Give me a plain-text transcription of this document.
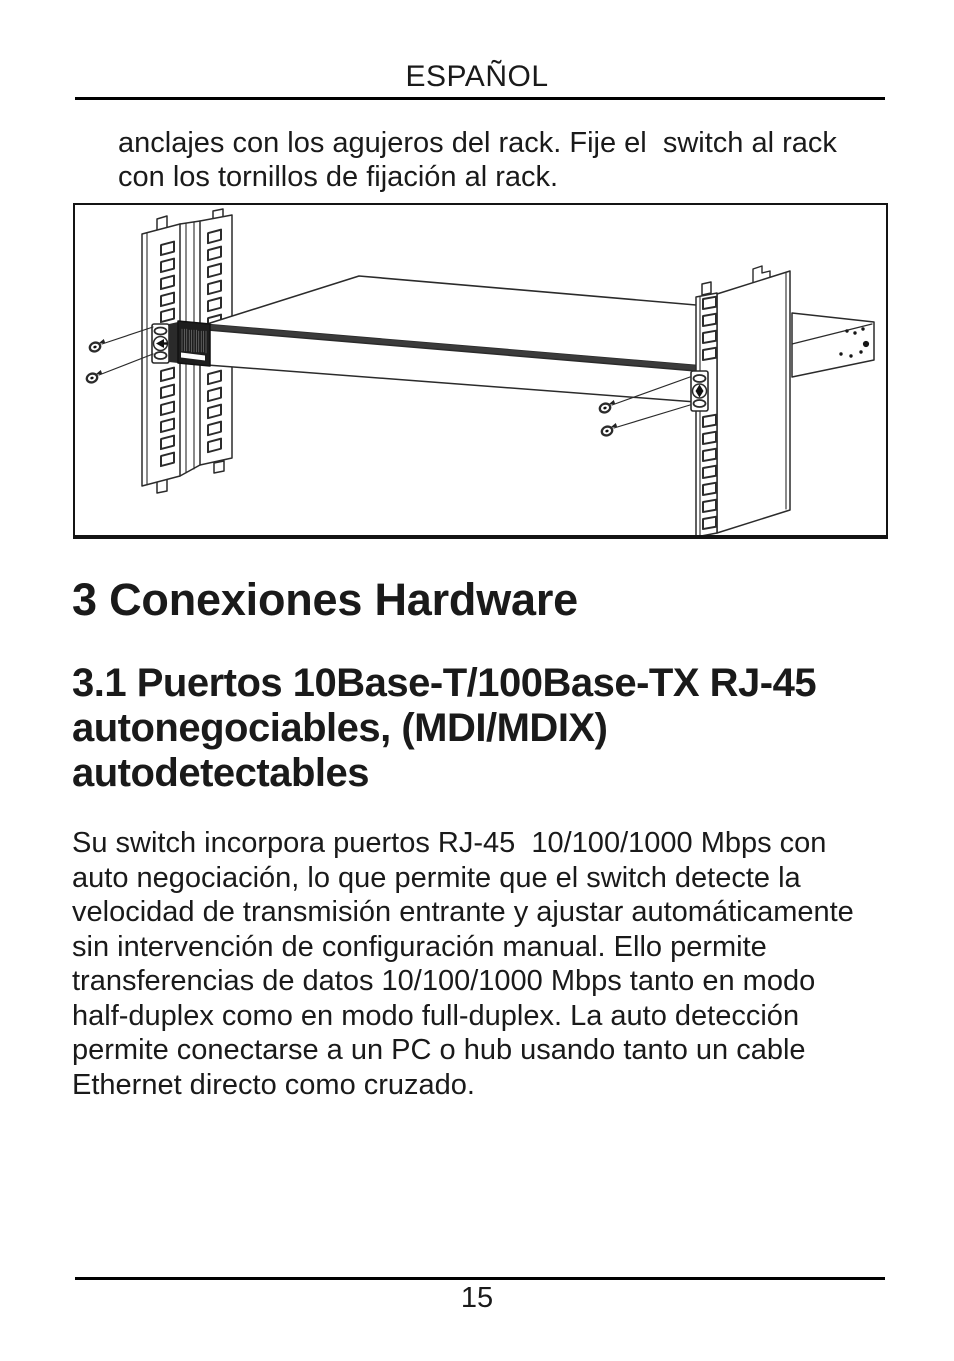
ESPAÑOL
anclajes con los agujeros del rack. Fije el  switch al rack
con los tornillos de fijación al rack.
3 Conexiones Hardware
3.1 Puertos 10Base-T/100Base-TX RJ-45
autonegociables, (MDI/MDIX)
autodetectables
Su switch incorpora puertos RJ-45  10/100/1000 Mbps con
auto negociación, lo que permite que el switch detecte la
velocidad de transmisión entrante y ajustar automáticamente
sin intervención de configuración manual. Ello permite
transferencias de datos 10/100/1000 Mbps tanto en modo
half-duplex como en modo full-duplex. La auto detección
permite conectarse a un PC o hub usando tanto un cable
Ethernet directo como cruzado.
15
